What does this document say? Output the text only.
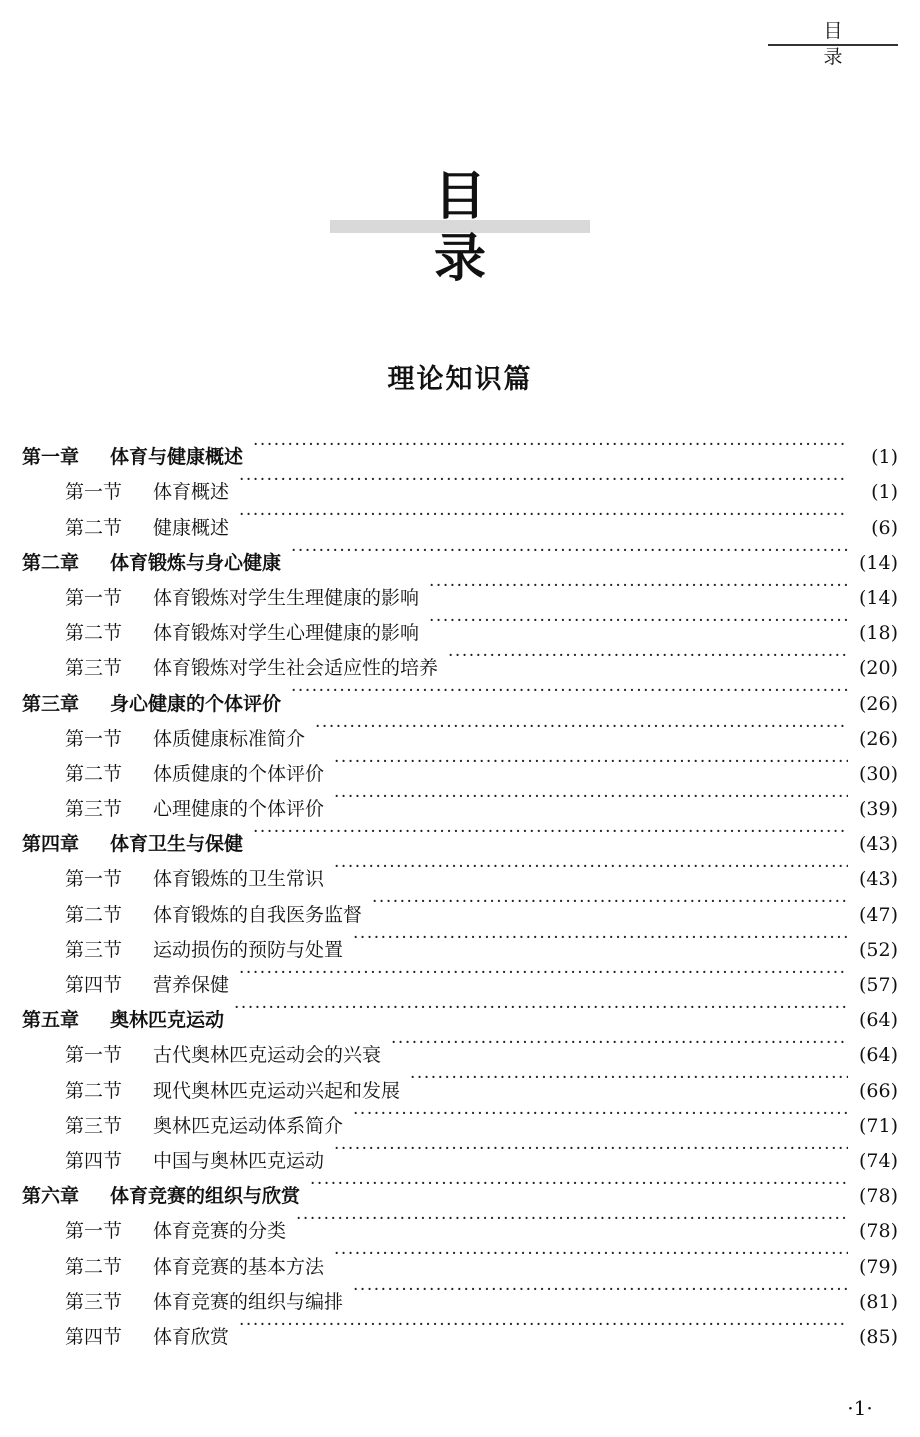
目 录
目录
理论知识篇
第一章	体育与健康概述 ·····	(1)
第一节	体育概述 ·····	(1)
第二节	健康概述 ·····	(6)
第二章	体育锻炼与身心健康 ·····	(14)
第一节	体育锻炼对学生生理健康的影响 ·····	(14)
第二节	体育锻炼对学生心理健康的影响 ·····	(18)
第三节	体育锻炼对学生社会适应性的培养 ·····	(20)
第三章	身心健康的个体评价 ·····	(26)
第一节	体质健康标准简介 ·····	(26)
第二节	体质健康的个体评价 ·····	(30)
第三节	心理健康的个体评价 ·····	(39)
第四章	体育卫生与保健 ·····	(43)
第一节	体育锻炼的卫生常识 ·····	(43)
第二节	体育锻炼的自我医务监督 ·····	(47)
第三节	运动损伤的预防与处置 ·····	(52)
第四节	营养保健 ·····	(57)
第五章	奥林匹克运动 ·····	(64)
第一节	古代奥林匹克运动会的兴衰 ·····	(64)
第二节	现代奥林匹克运动兴起和发展 ·····	(66)
第三节	奥林匹克运动体系简介 ·····	(71)
第四节	中国与奥林匹克运动 ·····	(74)
第六章	体育竞赛的组织与欣赏 ·····	(78)
第一节	体育竞赛的分类 ·····	(78)
第二节	体育竞赛的基本方法 ·····	(79)
第三节	体育竞赛的组织与编排 ·····	(81)
第四节	体育欣赏 ·····	(85)
·1·
